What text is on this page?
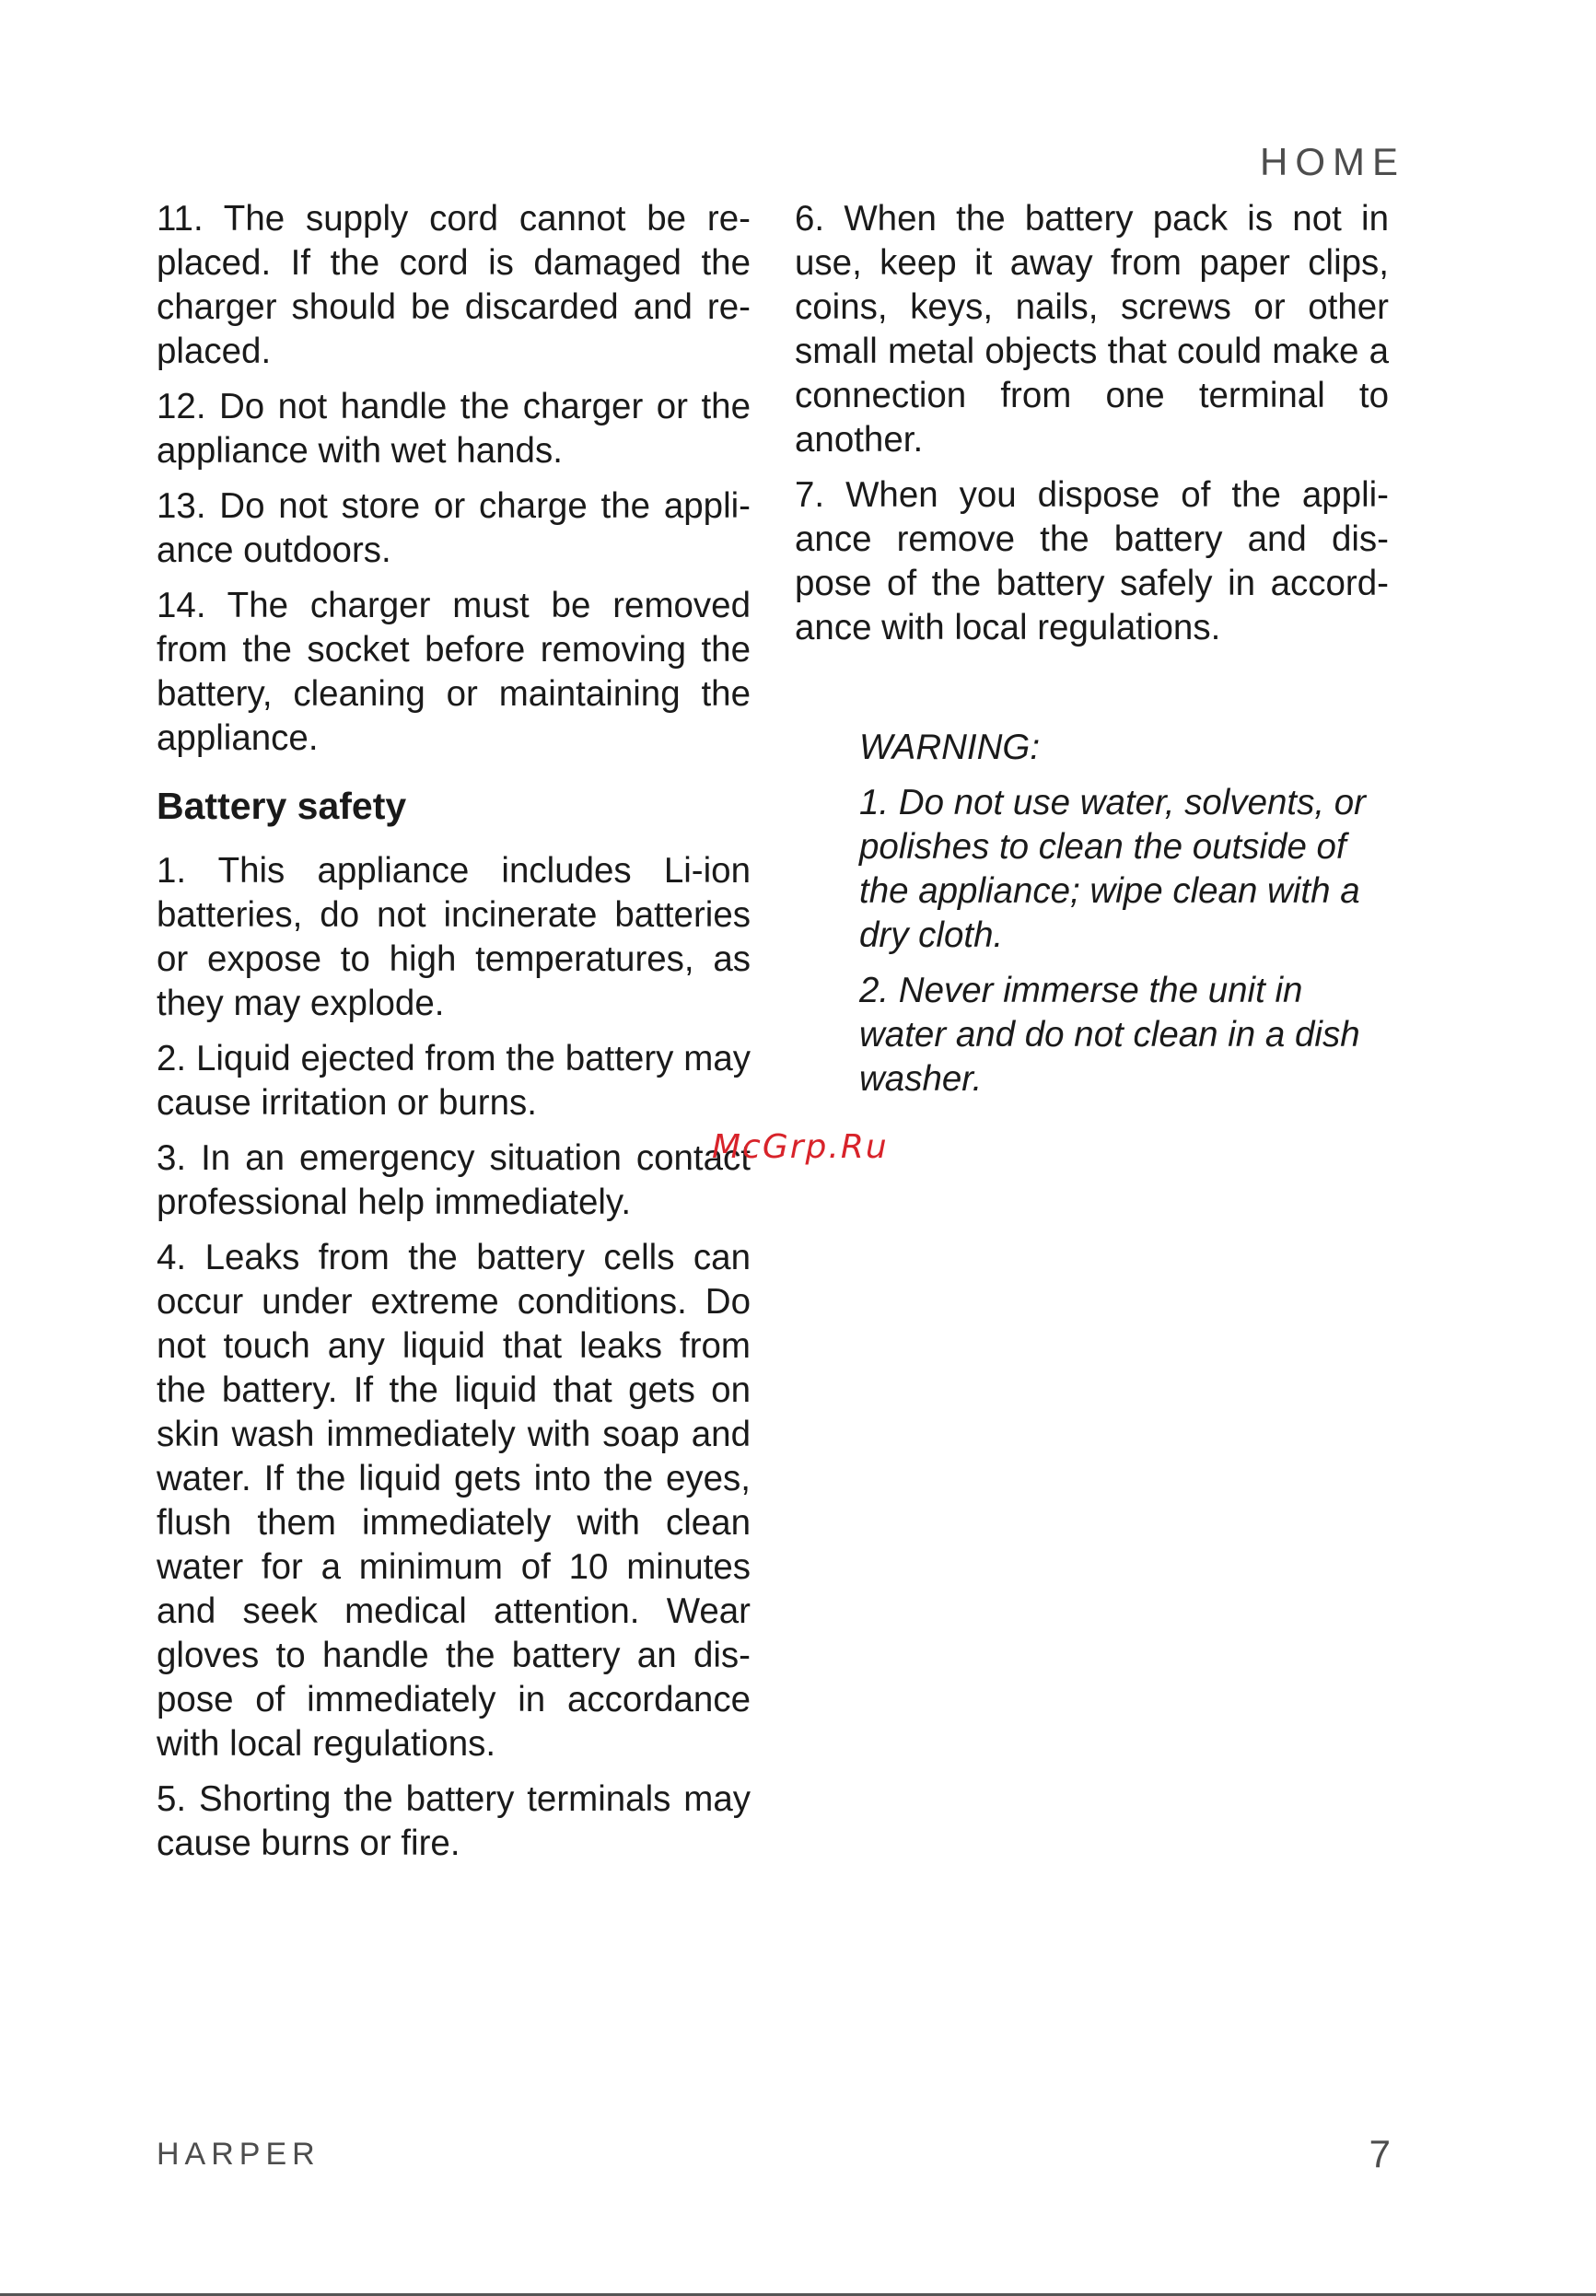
HOME

11. The supply cord cannot be re-placed. If the cord is damaged the charger should be discarded and re-placed.

12. Do not handle the charger or the appliance with wet hands.

13. Do not store or charge the appli-ance outdoors.

14. The charger must be removed from the socket before removing the battery, cleaning or maintaining the appliance.

Battery safety

1. This appliance includes Li-ion batteries, do not incinerate batteries or expose to high temperatures, as they may explode.

2. Liquid ejected from the battery may cause irritation or burns.

3. In an emergency situation contact professional help immediately.

4. Leaks from the battery cells can occur under extreme conditions. Do not touch any liquid that leaks from the battery. If the liquid that gets on skin wash immediately with soap and water. If the liquid gets into the eyes, flush them immediately with clean water for a minimum of 10 minutes and seek medical attention. Wear gloves to handle the battery an dis-pose of immediately in accordance with local regulations.

5. Shorting the battery terminals may cause burns or fire.

6. When the battery pack is not in use, keep it away from paper clips, coins, keys, nails, screws or other small metal objects that could make a connection from one terminal to another.

7. When you dispose of the appli-ance remove the battery and dis-pose of the battery safely in accord-ance with local regulations.

WARNING:

1. Do not use water, solvents, or polishes to clean the outside of the appliance; wipe clean with a dry cloth.

2. Never immerse the unit in water and do not clean in a dish washer.

McGrp.Ru
HARPER	7
